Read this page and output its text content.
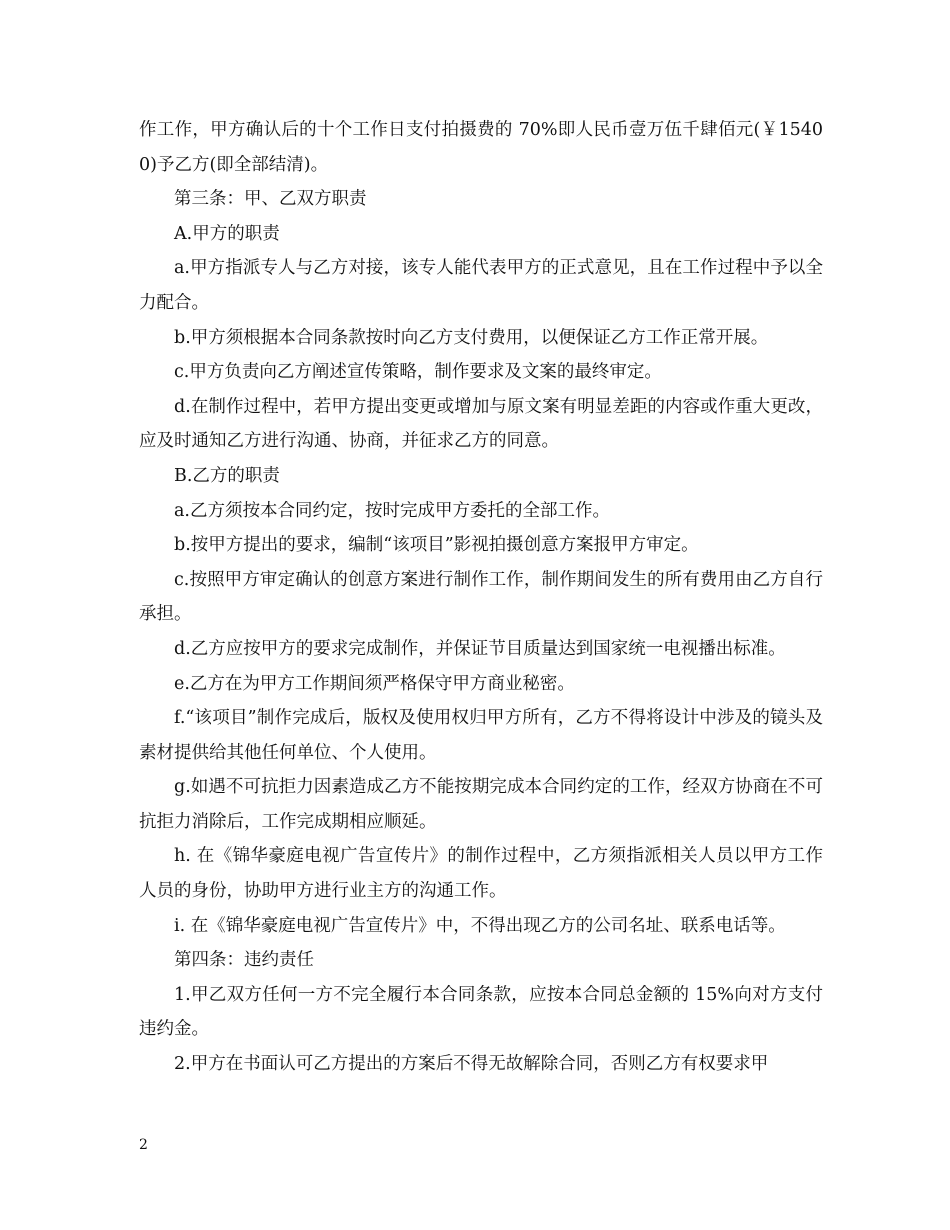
作工作，甲方确认后的十个工作日支付拍摄费的 70%即人民币壹万伍千肆佰元(￥15400)予乙方(即全部结清)。

第三条：甲、乙双方职责

A.甲方的职责

a.甲方指派专人与乙方对接，该专人能代表甲方的正式意见，且在工作过程中予以全力配合。

b.甲方须根据本合同条款按时向乙方支付费用，以便保证乙方工作正常开展。

c.甲方负责向乙方阐述宣传策略，制作要求及文案的最终审定。

d.在制作过程中，若甲方提出变更或增加与原文案有明显差距的内容或作重大更改，应及时通知乙方进行沟通、协商，并征求乙方的同意。

B.乙方的职责

a.乙方须按本合同约定，按时完成甲方委托的全部工作。

b.按甲方提出的要求，编制“该项目”影视拍摄创意方案报甲方审定。

c.按照甲方审定确认的创意方案进行制作工作，制作期间发生的所有费用由乙方自行承担。

d.乙方应按甲方的要求完成制作，并保证节目质量达到国家统一电视播出标准。

e.乙方在为甲方工作期间须严格保守甲方商业秘密。

f.“该项目”制作完成后，版权及使用权归甲方所有，乙方不得将设计中涉及的镜头及素材提供给其他任何单位、个人使用。

g.如遇不可抗拒力因素造成乙方不能按期完成本合同约定的工作，经双方协商在不可抗拒力消除后，工作完成期相应顺延。

h. 在《锦华豪庭电视广告宣传片》的制作过程中，乙方须指派相关人员以甲方工作人员的身份，协助甲方进行业主方的沟通工作。

i. 在《锦华豪庭电视广告宣传片》中，不得出现乙方的公司名址、联系电话等。

第四条：违约责任

1.甲乙双方任何一方不完全履行本合同条款，应按本合同总金额的 15%向对方支付违约金。

2.甲方在书面认可乙方提出的方案后不得无故解除合同，否则乙方有权要求甲

2
